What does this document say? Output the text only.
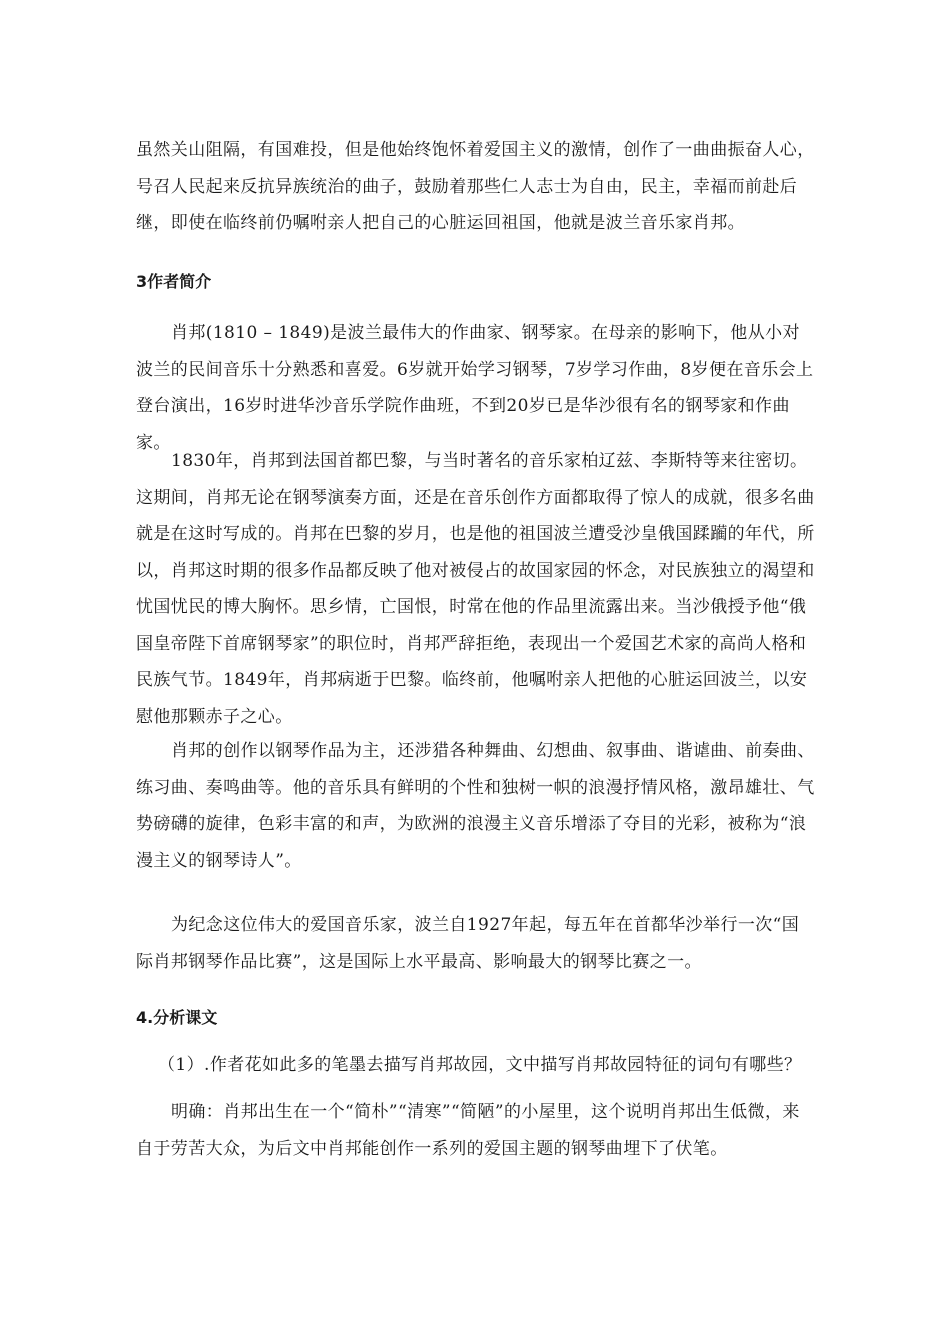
虽然关山阻隔，有国难投，但是他始终饱怀着爱国主义的激情，创作了一曲曲振奋人心，号召人民起来反抗异族统治的曲子，鼓励着那些仁人志士为自由，民主，幸福而前赴后继，即使在临终前仍嘱咐亲人把自己的心脏运回祖国，他就是波兰音乐家肖邦。

3作者简介

肖邦(1810 – 1849)是波兰最伟大的作曲家、钢琴家。在母亲的影响下，他从小对波兰的民间音乐十分熟悉和喜爱。6岁就开始学习钢琴，7岁学习作曲，8岁便在音乐会上登台演出，16岁时进华沙音乐学院作曲班，不到20岁已是华沙很有名的钢琴家和作曲家。

1830年，肖邦到法国首都巴黎，与当时著名的音乐家柏辽兹、李斯特等来往密切。这期间，肖邦无论在钢琴演奏方面，还是在音乐创作方面都取得了惊人的成就，很多名曲就是在这时写成的。肖邦在巴黎的岁月，也是他的祖国波兰遭受沙皇俄国蹂躏的年代，所以，肖邦这时期的很多作品都反映了他对被侵占的故国家园的怀念，对民族独立的渴望和忧国忧民的博大胸怀。思乡情，亡国恨，时常在他的作品里流露出来。当沙俄授予他“俄国皇帝陛下首席钢琴家”的职位时，肖邦严辞拒绝，表现出一个爱国艺术家的高尚人格和民族气节。1849年，肖邦病逝于巴黎。临终前，他嘱咐亲人把他的心脏运回波兰，以安慰他那颗赤子之心。

肖邦的创作以钢琴作品为主，还涉猎各种舞曲、幻想曲、叙事曲、谐谑曲、前奏曲、练习曲、奏鸣曲等。他的音乐具有鲜明的个性和独树一帜的浪漫抒情风格，激昂雄壮、气势磅礴的旋律，色彩丰富的和声，为欧洲的浪漫主义音乐增添了夺目的光彩，被称为“浪漫主义的钢琴诗人”。

为纪念这位伟大的爱国音乐家，波兰自1927年起，每五年在首都华沙举行一次“国际肖邦钢琴作品比赛”，这是国际上水平最高、影响最大的钢琴比赛之一。

4.分析课文

（1）.作者花如此多的笔墨去描写肖邦故园，文中描写肖邦故园特征的词句有哪些？

明确：肖邦出生在一个“简朴”“清寒”“简陋”的小屋里，这个说明肖邦出生低微，来自于劳苦大众，为后文中肖邦能创作一系列的爱国主题的钢琴曲埋下了伏笔。
